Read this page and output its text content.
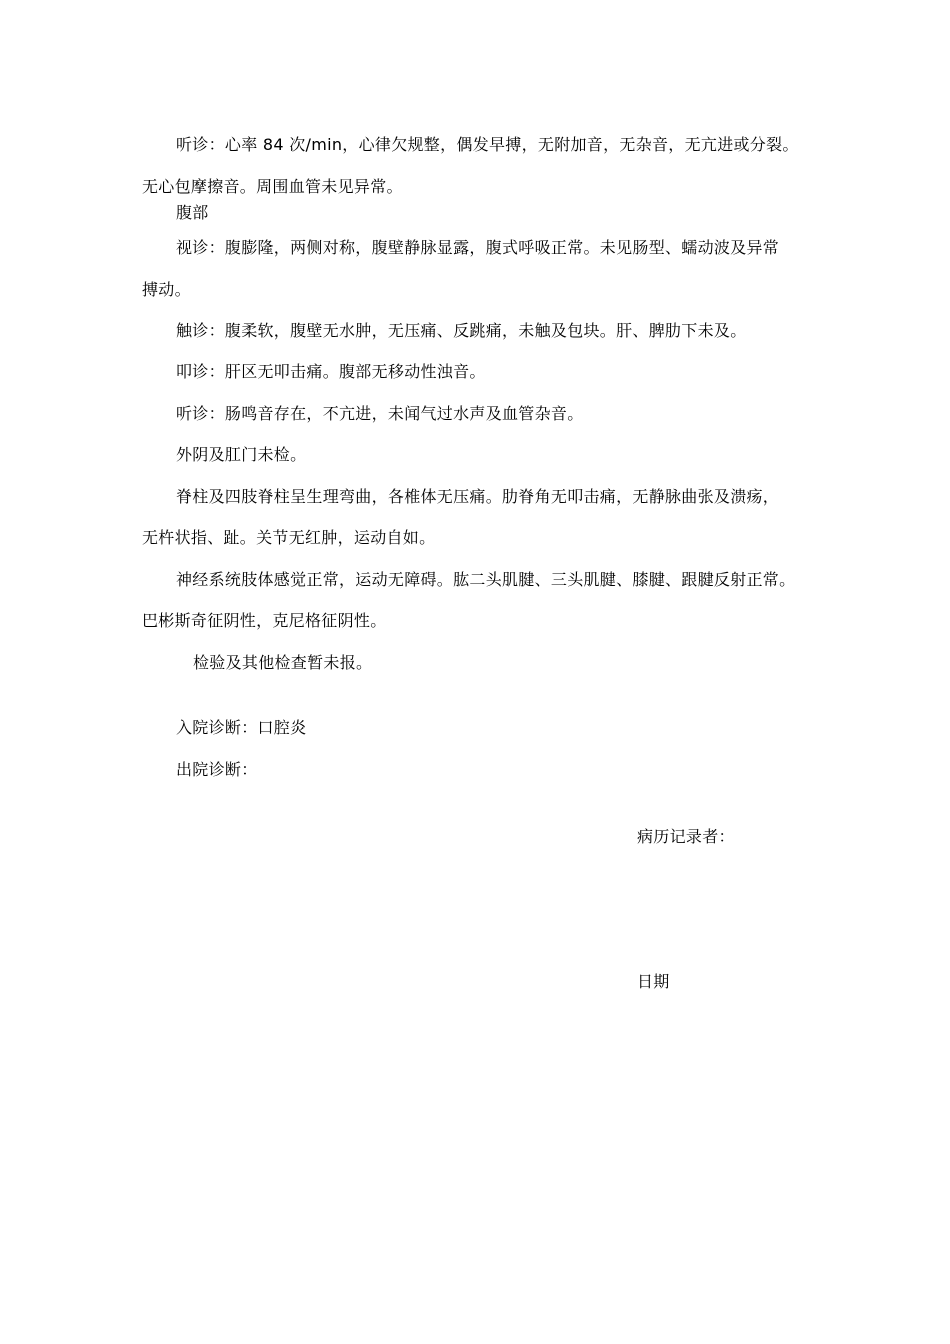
听诊：心率 84 次/min，心律欠规整，偶发早搏，无附加音，无杂音，无亢进或分裂。
无心包摩擦音。周围血管未见异常。
腹部
视诊：腹膨隆，两侧对称，腹壁静脉显露，腹式呼吸正常。未见肠型、蠕动波及异常
搏动。
触诊：腹柔软，腹壁无水肿，无压痛、反跳痛，未触及包块。肝、脾肋下未及。
叩诊：肝区无叩击痛。腹部无移动性浊音。
听诊：肠鸣音存在，不亢进，未闻气过水声及血管杂音。
外阴及肛门未检。
脊柱及四肢脊柱呈生理弯曲，各椎体无压痛。肋脊角无叩击痛，无静脉曲张及溃疡，
无杵状指、趾。关节无红肿，运动自如。
神经系统肢体感觉正常，运动无障碍。肱二头肌腱、三头肌腱、膝腱、跟腱反射正常。
巴彬斯奇征阴性，克尼格征阴性。
检验及其他检查暂未报。
入院诊断：口腔炎
出院诊断：
病历记录者：
日期
